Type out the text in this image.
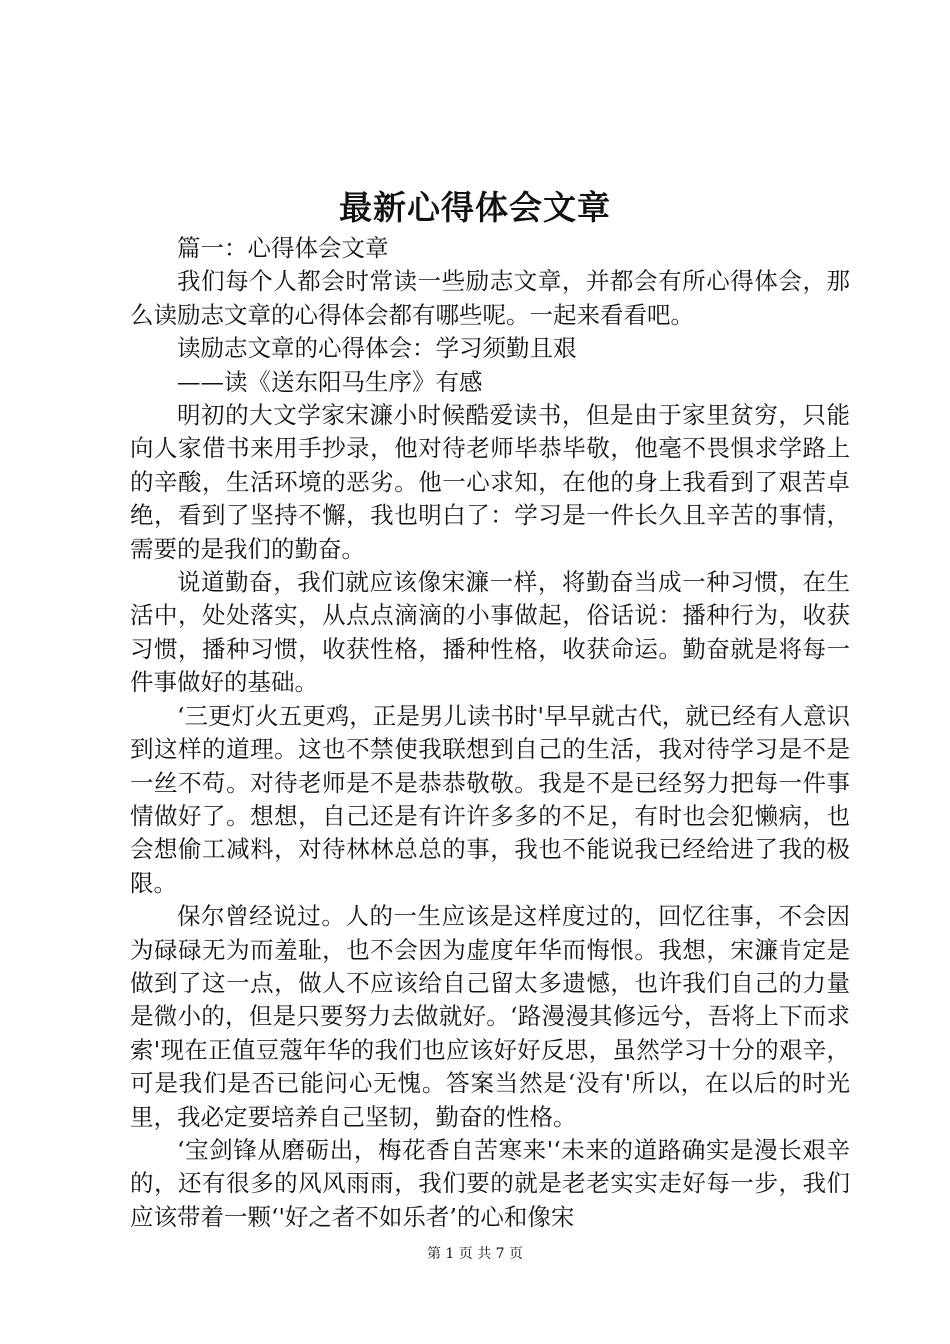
最新心得体会文章

篇一：心得体会文章

我们每个人都会时常读一些励志文章，并都会有所心得体会，那么读励志文章的心得体会都有哪些呢。一起来看看吧。

读励志文章的心得体会：学习须勤且艰

——读《送东阳马生序》有感

明初的大文学家宋濂小时候酷爱读书，但是由于家里贫穷，只能向人家借书来用手抄录，他对待老师毕恭毕敬，他毫不畏惧求学路上的辛酸，生活环境的恶劣。他一心求知，在他的身上我看到了艰苦卓绝，看到了坚持不懈，我也明白了：学习是一件长久且辛苦的事情，需要的是我们的勤奋。

说道勤奋，我们就应该像宋濂一样，将勤奋当成一种习惯，在生活中，处处落实，从点点滴滴的小事做起，俗话说：播种行为，收获习惯，播种习惯，收获性格，播种性格，收获命运。勤奋就是将每一件事做好的基础。

‘三更灯火五更鸡，正是男儿读书时'早早就古代，就已经有人意识到这样的道理。这也不禁使我联想到自己的生活，我对待学习是不是一丝不苟。对待老师是不是恭恭敬敬。我是不是已经努力把每一件事情做好了。想想，自己还是有许许多多的不足，有时也会犯懒病，也会想偷工减料，对待林林总总的事，我也不能说我已经给进了我的极限。

保尔曾经说过。人的一生应该是这样度过的，回忆往事，不会因为碌碌无为而羞耻，也不会因为虚度年华而悔恨。我想，宋濂肯定是做到了这一点，做人不应该给自己留太多遗憾，也许我们自己的力量是微小的，但是只要努力去做就好。‘路漫漫其修远兮，吾将上下而求索'现在正值豆蔻年华的我们也应该好好反思，虽然学习十分的艰辛，可是我们是否已能问心无愧。答案当然是‘没有'所以，在以后的时光里，我必定要培养自己坚韧，勤奋的性格。

‘宝剑锋从磨砺出，梅花香自苦寒来'‘未来的道路确实是漫长艰辛的，还有很多的风风雨雨，我们要的就是老老实实走好每一步，我们应该带着一颗‘'好之者不如乐者’的心和像宋

第 1 页 共 7 页
